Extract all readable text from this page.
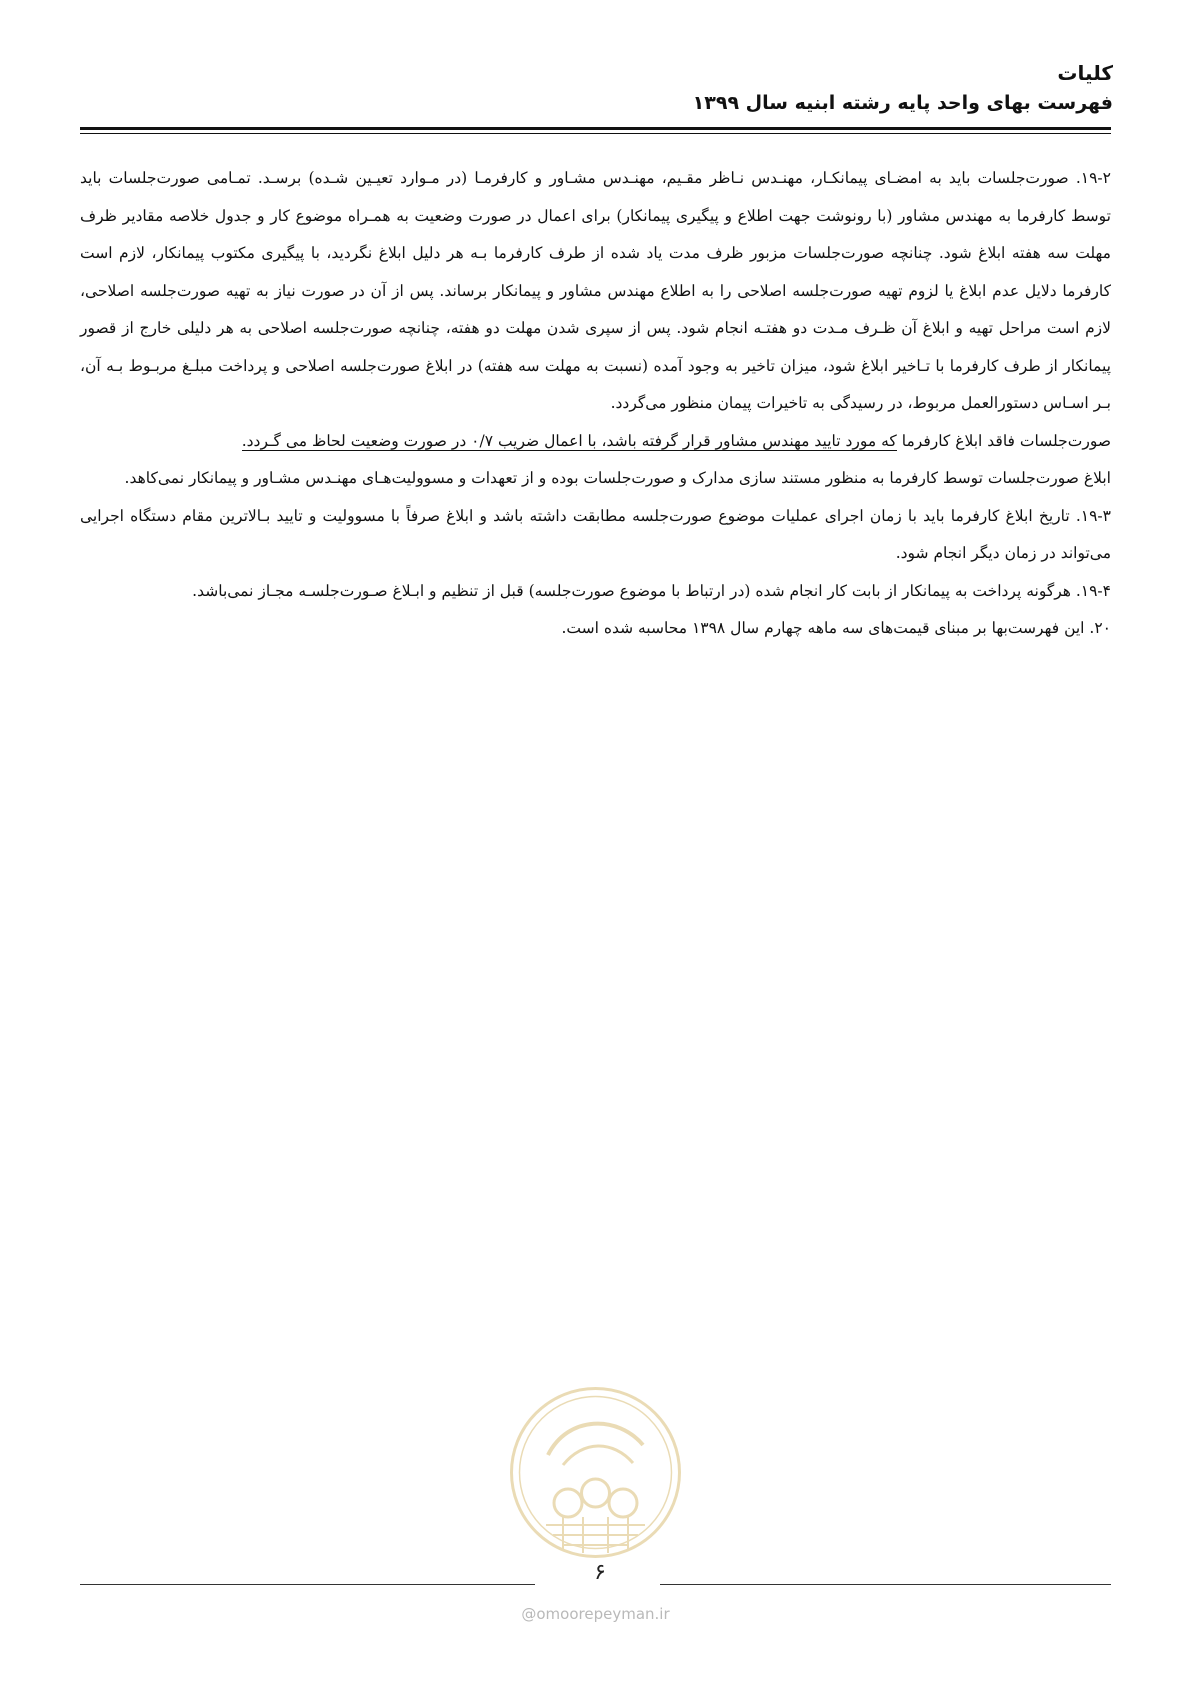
کلیات
فهرست بهای واحد پایه رشته ابنیه سال ۱۳۹۹

۱۹-۲. صورت‌جلسات باید به امضـای پیمانکـار، مهنـدس نـاظر مقـیم، مهنـدس مشـاور و کارفرمـا (در مـوارد تعیـین شـده) برسـد. تمـامی صورت‌جلسات باید توسط کارفرما به مهندس مشاور (با رونوشت جهت اطلاع و پیگیری پیمانکار) برای اعمال در صورت وضعیت به همـراه موضوع کار و جدول خلاصه مقادیر ظرف مهلت سه هفته ابلاغ شود. چنانچه صورت‌جلسات مزبور ظرف مدت یاد شده از طرف کارفرما بـه هر دلیل ابلاغ نگردید، با پیگیری مکتوب پیمانکار، لازم است کارفرما دلایل عدم ابلاغ یا لزوم تهیه صورت‌جلسه اصلاحی را به اطلاع مهندس مشاور و پیمانکار برساند. پس از آن در صورت نیاز به تهیه صورت‌جلسه اصلاحی، لازم است مراحل تهیه و ابلاغ آن ظـرف مـدت دو هفتـه انجام شود. پس از سپری شدن مهلت دو هفته، چنانچه صورت‌جلسه اصلاحی به هر دلیلی خارج از قصور پیمانکار از طرف کارفرما با تـاخیر ابلاغ شود، میزان تاخیر به وجود آمده (نسبت به مهلت سه هفته) در ابلاغ صورت‌جلسه اصلاحی و پرداخت مبلـغ مربـوط بـه آن، بـر اسـاس دستورالعمل مربوط، در رسیدگی به تاخیرات پیمان منظور می‌گردد.

صورت‌جلسات فاقد ابلاغ کارفرما که مورد تایید مهندس مشاور قرار گرفته باشد، با اعمال ضریب ۰/۷ در صورت وضعیت لحاظ می گـردد.

ابلاغ صورت‌جلسات توسط کارفرما به منظور مستند سازی مدارک و صورت‌جلسات بوده و از تعهدات و مسوولیت‌هـای مهنـدس مشـاور و پیمانکار نمی‌کاهد.

۱۹-۳. تاریخ ابلاغ کارفرما باید با زمان اجرای عملیات موضوع صورت‌جلسه مطابقت داشته باشد و ابلاغ صرفاً با مسوولیت و تایید بـالاترین مقام دستگاه اجرایی می‌تواند در زمان دیگر انجام شود.

۱۹-۴. هرگونه پرداخت به پیمانکار از بابت کار انجام شده (در ارتباط با موضوع صورت‌جلسه) قبل از تنظیم و ابـلاغ صـورت‌جلسـه مجـاز نمی‌باشد.

۲۰. این فهرست‌بها بر مبنای قیمت‌های سه ماهه چهارم سال ۱۳۹۸ محاسبه شده است.

۶
@omoorepeyman.ir
